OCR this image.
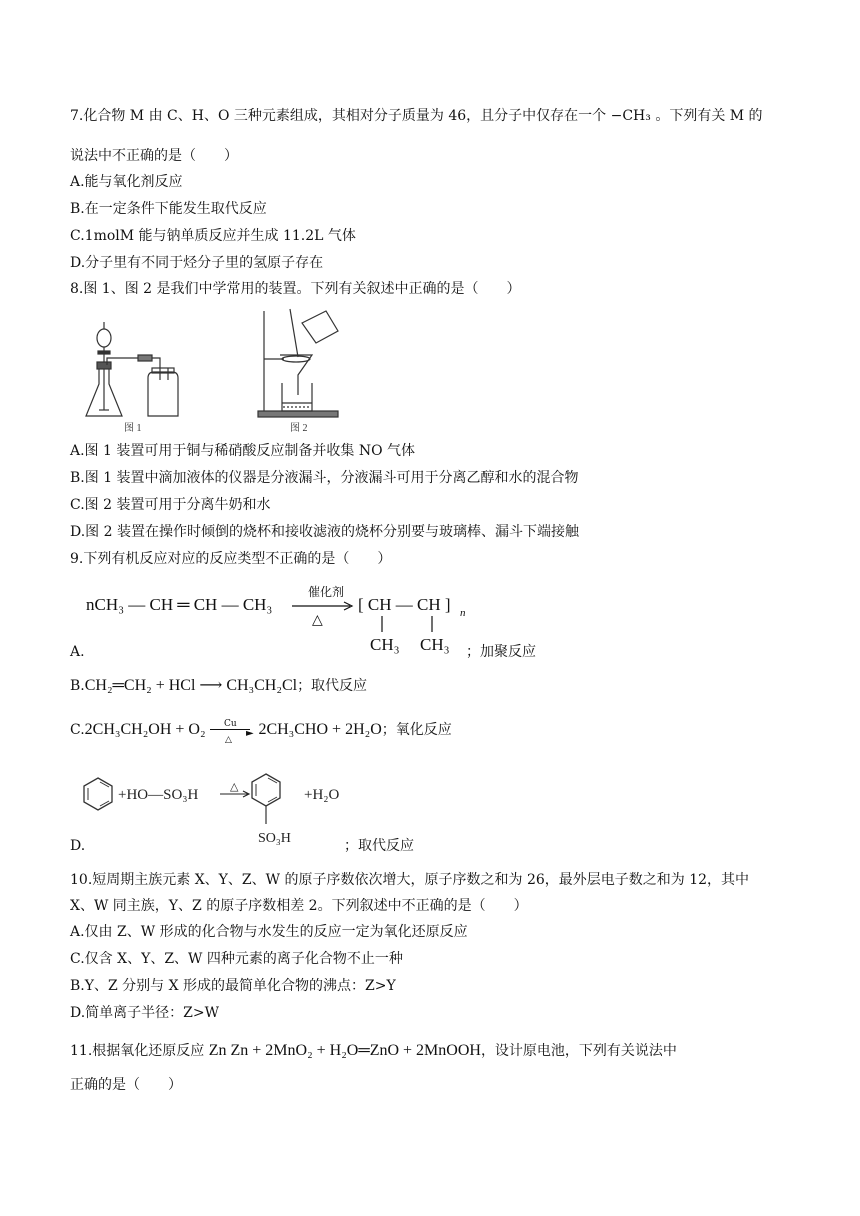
7.化合物 M 由 C、H、O 三种元素组成，其相对分子质量为 46，且分子中仅存在一个 −CH₃ 。下列有关 M 的
说法中不正确的是（　　）
A.能与氧化剂反应
B.在一定条件下能发生取代反应
C.1molM 能与钠单质反应并生成 11.2L 气体
D.分子里有不同于烃分子里的氢原子存在
8.图 1、图 2 是我们中学常用的装置。下列有关叙述中正确的是（　　）
图 1	图 2
A.图 1 装置可用于铜与稀硝酸反应制备并收集 NO 气体
B.图 1 装置中滴加液体的仪器是分液漏斗，分液漏斗可用于分离乙醇和水的混合物
C.图 2 装置可用于分离牛奶和水
D.图 2 装置在操作时倾倒的烧杯和接收滤液的烧杯分别要与玻璃棒、漏斗下端接触
9.下列有机反应对应的反应类型不正确的是（　　）
nCH₃ — CH ═ CH — CH₃
催化剂
△
[ CH — CH ] n
CH₃ CH₃
A.	；加聚反应
B.CH₂═CH₂ + HCl ⟶ CH₃CH₂Cl；取代反应
C.2CH₃CH₂OH + O₂ Cu
►
△
2CH₃CHO + 2H₂O；氧化反应
+HO—SO₃H	△
SO₃H
+H₂O
D.	；取代反应
10.短周期主族元素 X、Y、Z、W 的原子序数依次增大，原子序数之和为 26，最外层电子数之和为 12，其中
X、W 同主族，Y、Z 的原子序数相差 2。下列叙述中不正确的是（　　）
A.仅由 Z、W 形成的化合物与水发生的反应一定为氧化还原反应
C.仅含 X、Y、Z、W 四种元素的离子化合物不止一种
B.Y、Z 分别与 X 形成的最简单化合物的沸点：Z>Y
D.简单离子半径：Z>W
11.根据氧化还原反应 Zn Zn + 2MnO₂ + H₂O═ZnO + 2MnOOH，设计原电池，下列有关说法中
正确的是（　　）
